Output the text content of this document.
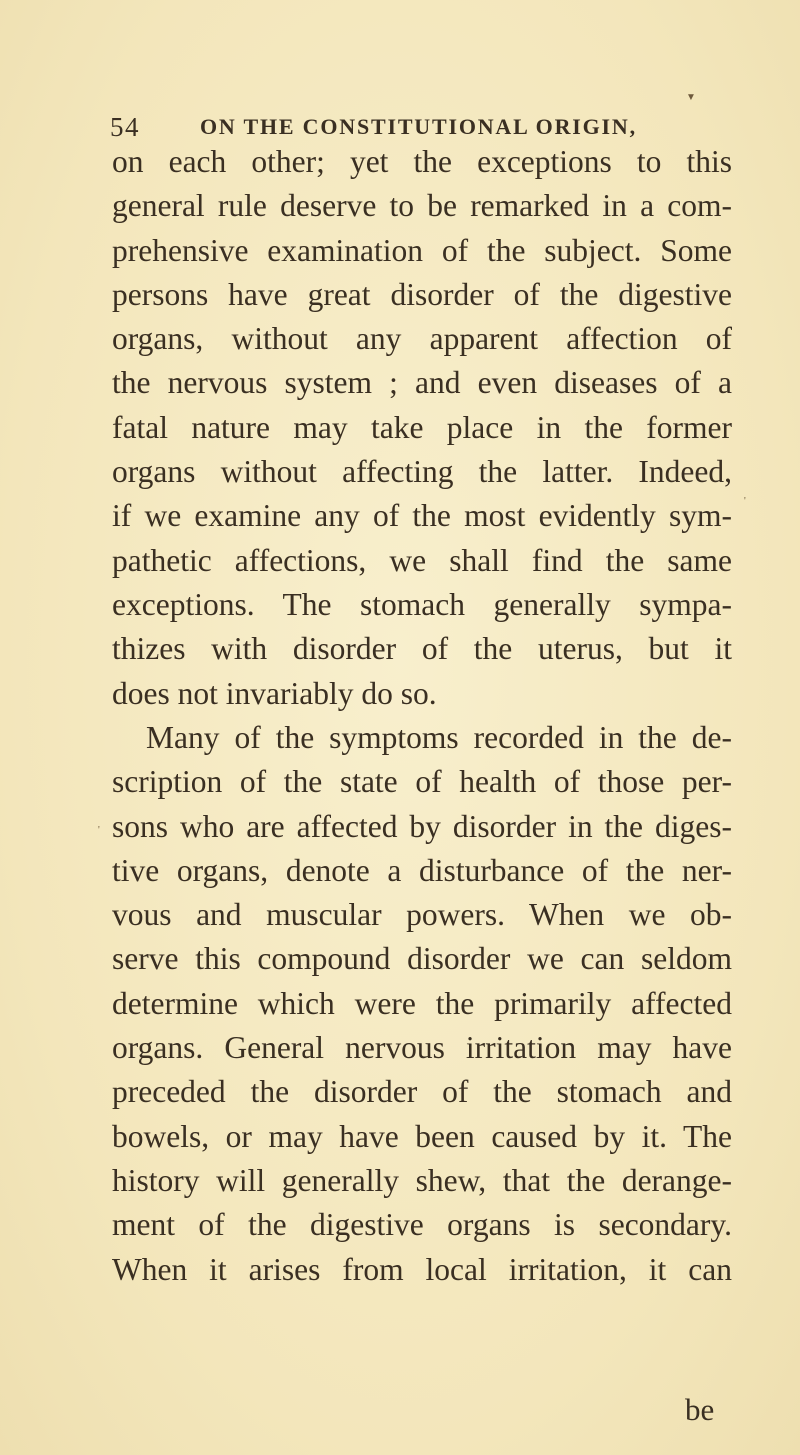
54	ON THE CONSTITUTIONAL ORIGIN,
on each other; yet the exceptions to this
general rule deserve to be remarked in a com-
prehensive examination of the subject. Some
persons have great disorder of the digestive
organs, without any apparent affection of
the nervous system ; and even diseases of a
fatal nature may take place in the former
organs without affecting the latter. Indeed,
if we examine any of the most evidently sym-
pathetic affections, we shall find the same
exceptions. The stomach generally sympa-
thizes with disorder of the uterus, but it
does not invariably do so.
Many of the symptoms recorded in the de-
scription of the state of health of those per-
sons who are affected by disorder in the diges-
tive organs, denote a disturbance of the ner-
vous and muscular powers. When we ob-
serve this compound disorder we can seldom
determine which were the primarily affected
organs. General nervous irritation may have
preceded the disorder of the stomach and
bowels, or may have been caused by it. The
history will generally shew, that the derange-
ment of the digestive organs is secondary.
When it arises from local irritation, it can
be
▼
'
'
